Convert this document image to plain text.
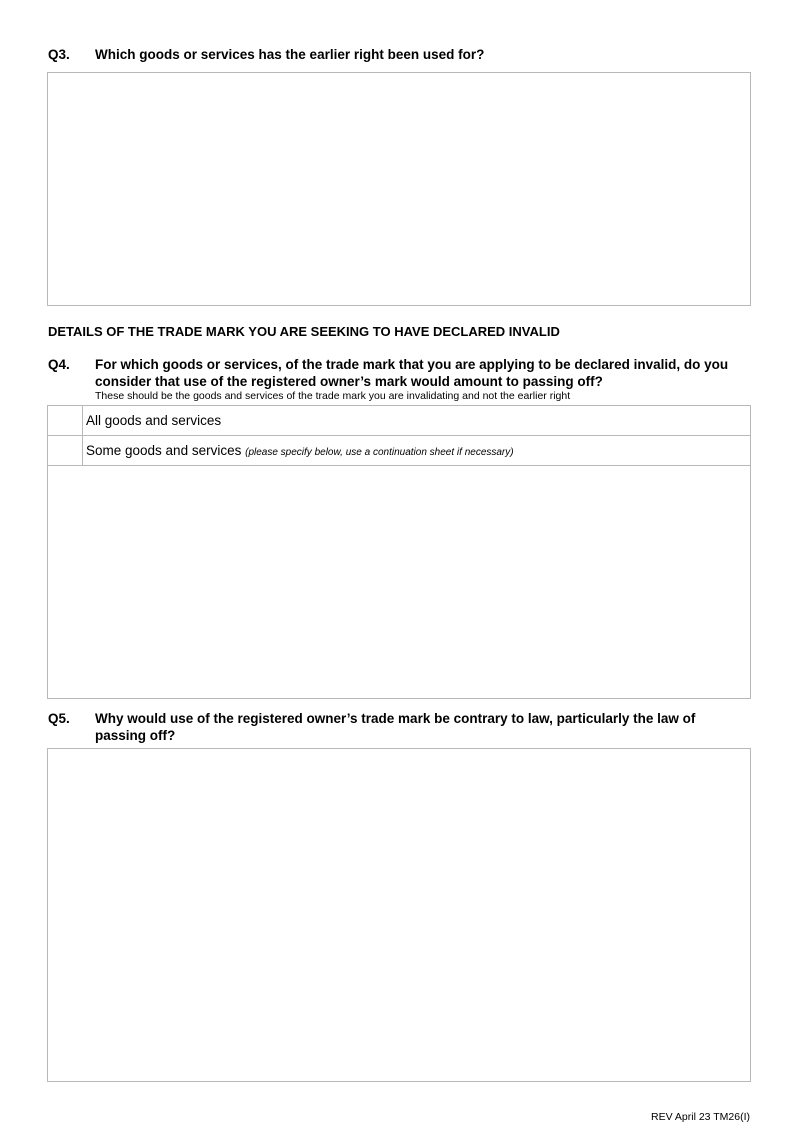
Q3. Which goods or services has the earlier right been used for?
DETAILS OF THE TRADE MARK YOU ARE SEEKING TO HAVE DECLARED INVALID
Q4. For which goods or services, of the trade mark that you are applying to be declared invalid, do you consider that use of the registered owner’s mark would amount to passing off?
These should be the goods and services of the trade mark you are invalidating and not the earlier right
All goods and services
Some goods and services (please specify below, use a continuation sheet if necessary)
Q5. Why would use of the registered owner’s trade mark be contrary to law, particularly the law of passing off?
REV April 23 TM26(I)
